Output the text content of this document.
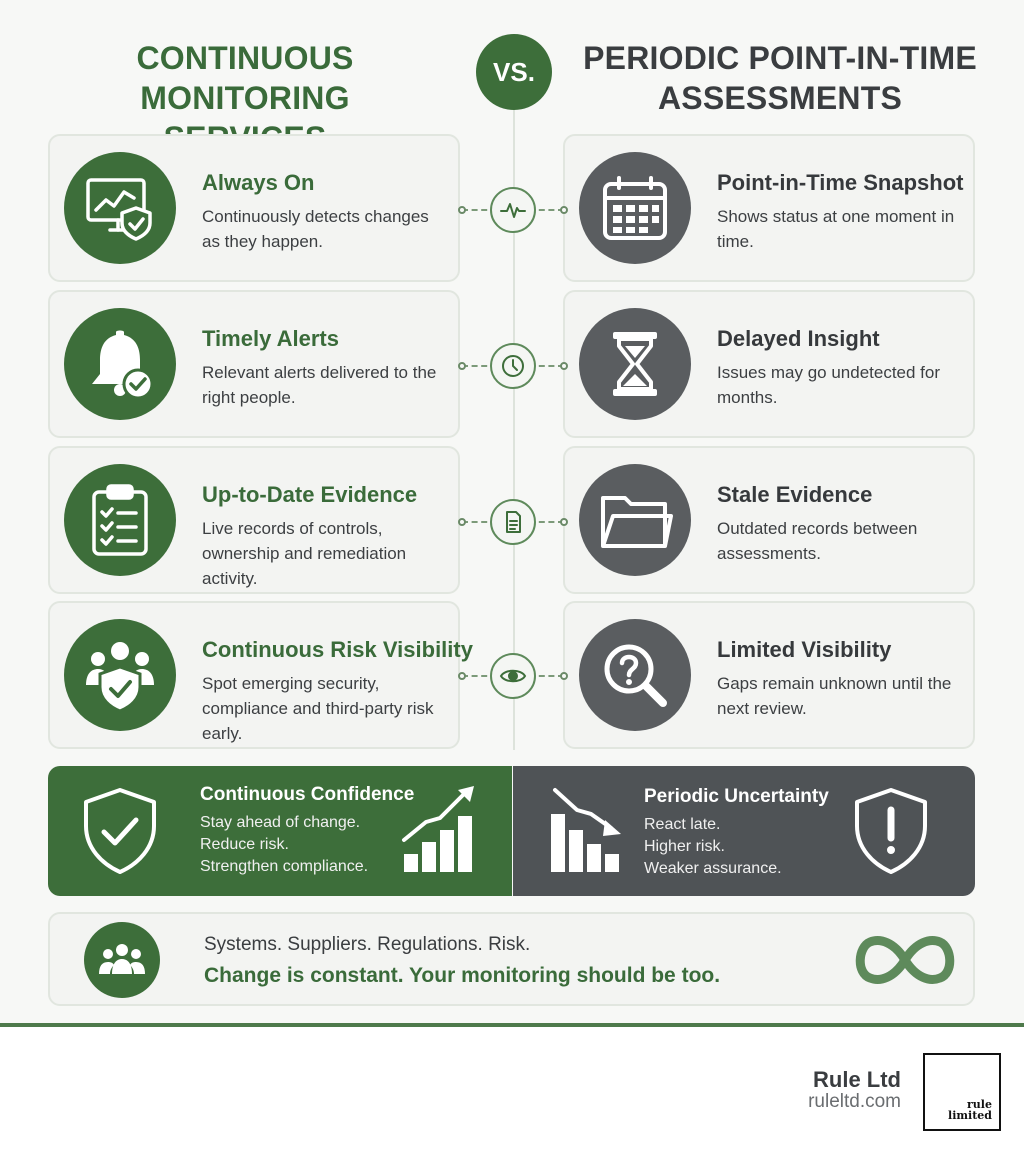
CONTINUOUS MONITORING

VS.	PERIODIC POINT-IN-TIME
ASSESSMENTS
Always On
Continuously detects changes as they happen.
Point-in-Time Snapshot
Shows status at one moment in time.
Timely Alerts
Relevant alerts delivered to the right people.
Delayed Insight
Issues may go undetected for months.
Up-to-Date Evidence
Live records of controls, ownership and remediation activity.
Stale Evidence
Outdated records between assessments.
Continuous Risk Visibility
Spot emerging security, compliance and third-party risk early.
Limited Visibility
Gaps remain unknown until the next review.
Continuous Confidence
Stay ahead of change.
Reduce risk.
Strengthen compliance.
Periodic Uncertainty
React late.
Higher risk.
Weaker assurance.
Systems. Suppliers. Regulations. Risk.
Change is constant. Your monitoring should be too.
Rule Ltd
ruleltd.com	rule
limited
